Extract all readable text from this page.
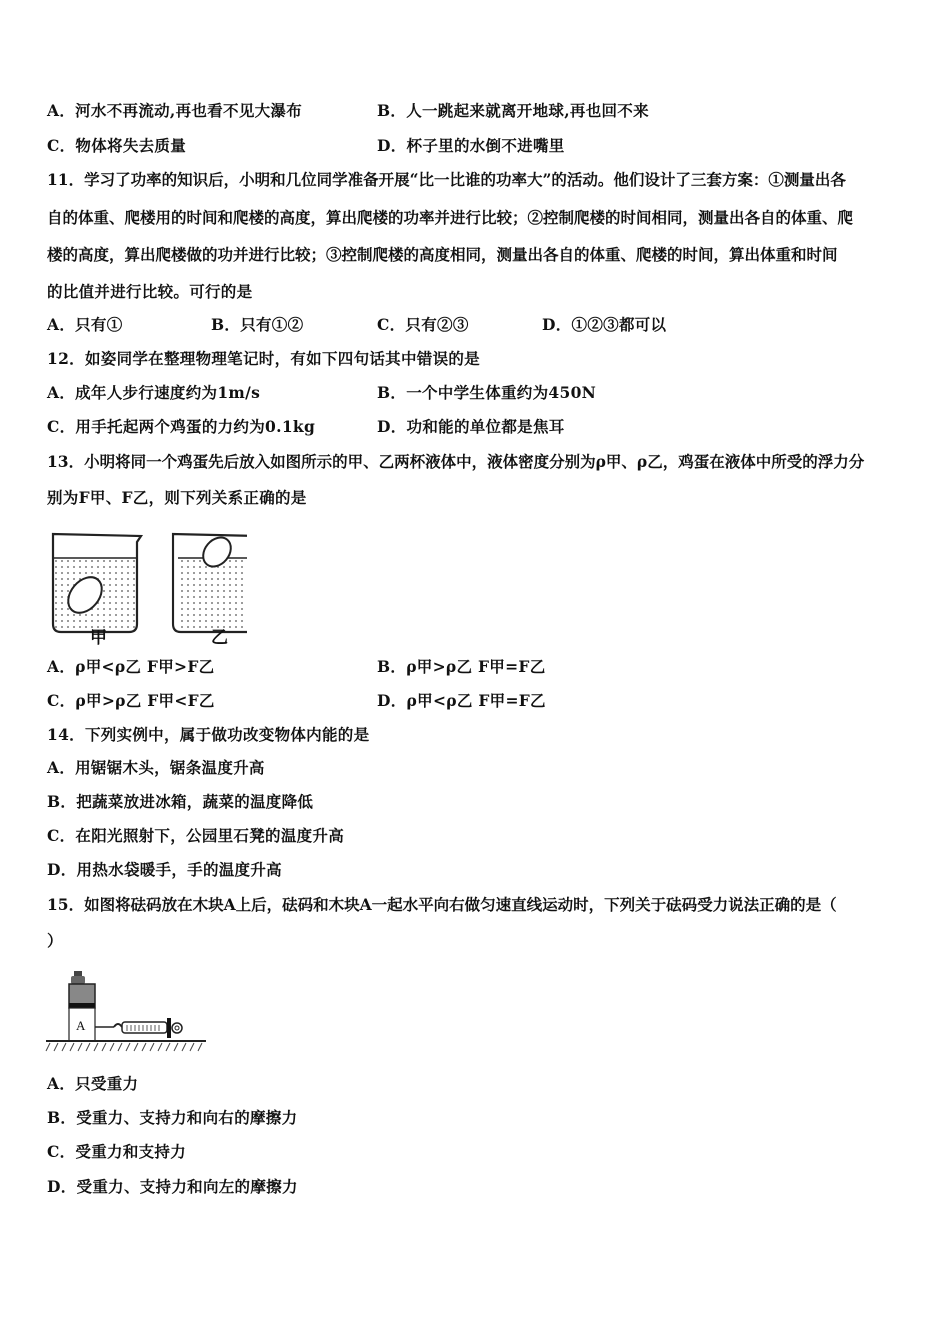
A．河水不再流动,再也看不见大瀑布	B．人一跳起来就离开地球,再也回不来
C．物体将失去质量	D．杯子里的水倒不进嘴里
11．学习了功率的知识后，小明和几位同学准备开展“比一比谁的功率大”的活动。他们设计了三套方案：①测量出各
自的体重、爬楼用的时间和爬楼的高度，算出爬楼的功率并进行比较；②控制爬楼的时间相同，测量出各自的体重、爬
楼的高度，算出爬楼做的功并进行比较；③控制爬楼的高度相同，测量出各自的体重、爬楼的时间，算出体重和时间
的比值并进行比较。可行的是
A．只有①	B．只有①②	C．只有②③	D．①②③都可以
12．如姿同学在整理物理笔记时，有如下四句话其中错误的是
A．成年人步行速度约为1m/s	B．一个中学生体重约为450N
C．用手托起两个鸡蛋的力约为0.1kg	D．功和能的单位都是焦耳
13．小明将同一个鸡蛋先后放入如图所示的甲、乙两杯液体中，液体密度分别为ρ甲、ρ乙，鸡蛋在液体中所受的浮力分
别为F甲、F乙，则下列关系正确的是
甲	乙
A．ρ甲<ρ乙 F甲>F乙	B．ρ甲>ρ乙 F甲=F乙
C．ρ甲>ρ乙 F甲<F乙	D．ρ甲<ρ乙 F甲=F乙
14．下列实例中，属于做功改变物体内能的是
A．用锯锯木头，锯条温度升高
B．把蔬菜放进冰箱，蔬菜的温度降低
C．在阳光照射下，公园里石凳的温度升高
D．用热水袋暖手，手的温度升高
15．如图将砝码放在木块A上后，砝码和木块A一起水平向右做匀速直线运动时，下列关于砝码受力说法正确的是（
）
A
A．只受重力
B．受重力、支持力和向右的摩擦力
C．受重力和支持力
D．受重力、支持力和向左的摩擦力
